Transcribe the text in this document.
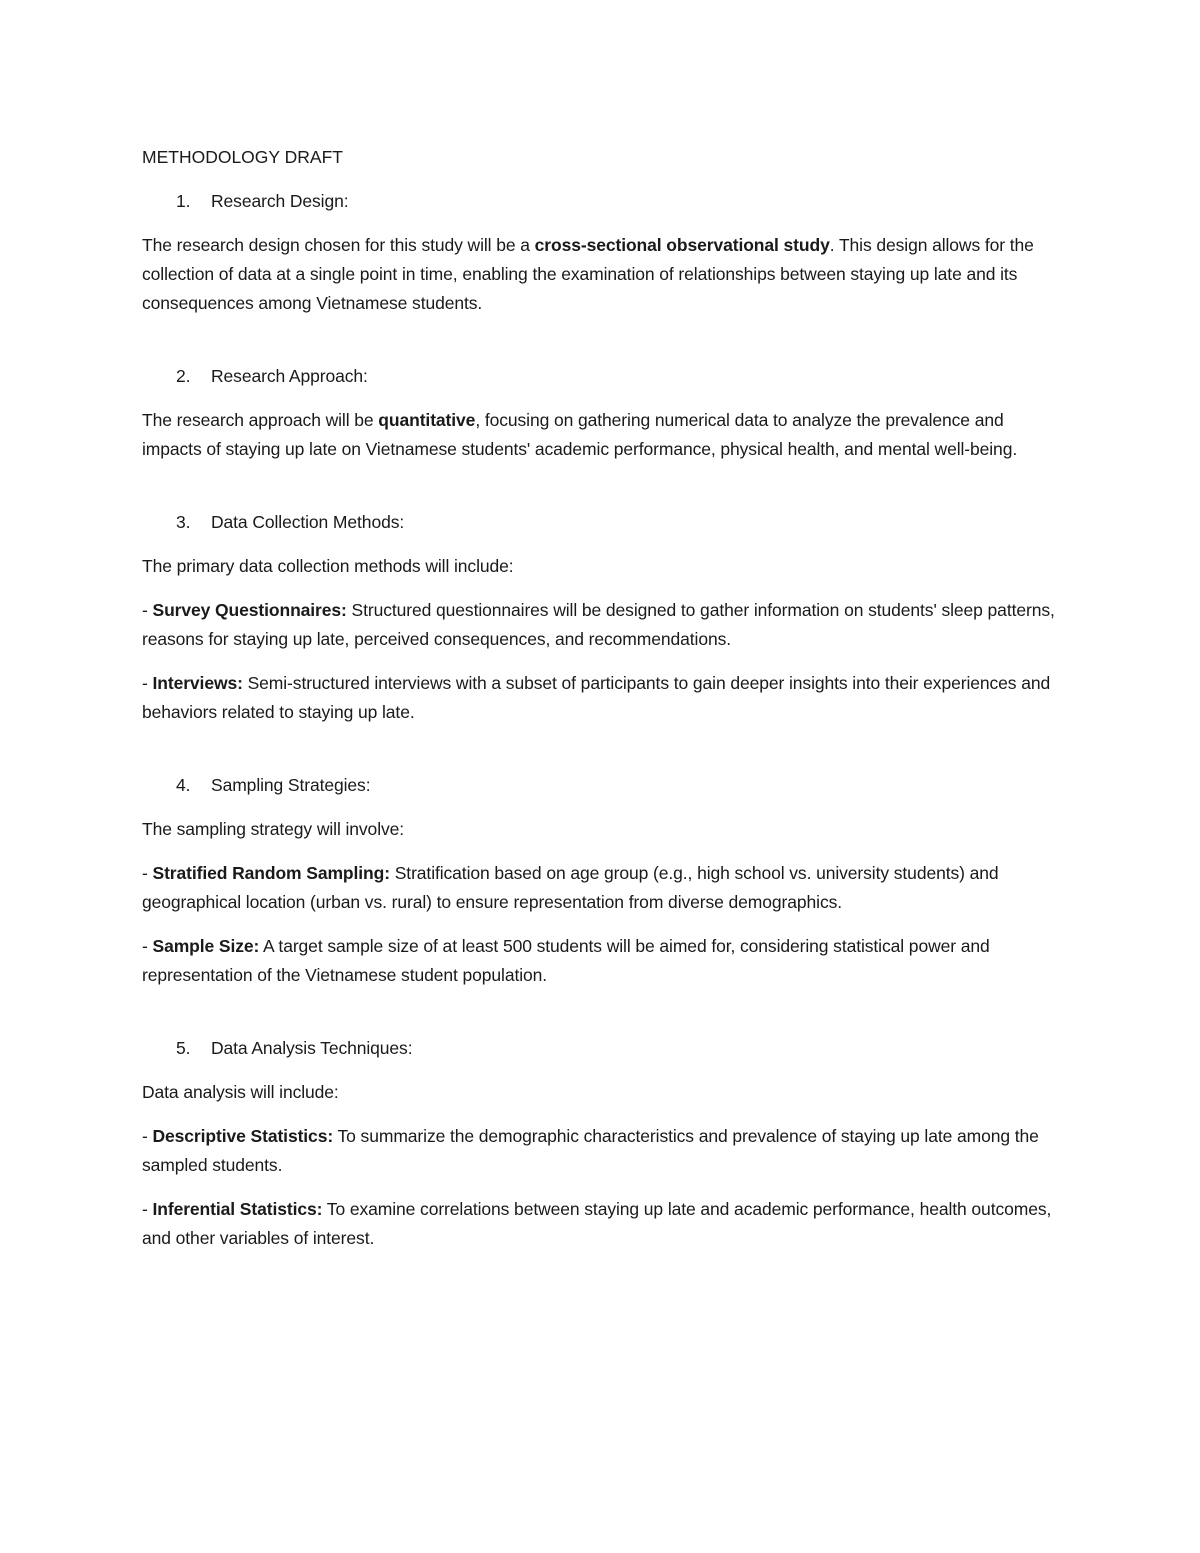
METHODOLOGY DRAFT

1. Research Design:

The research design chosen for this study will be a cross-sectional observational study. This design allows for the collection of data at a single point in time, enabling the examination of relationships between staying up late and its consequences among Vietnamese students.

2. Research Approach:

The research approach will be quantitative, focusing on gathering numerical data to analyze the prevalence and impacts of staying up late on Vietnamese students' academic performance, physical health, and mental well-being.

3. Data Collection Methods:

The primary data collection methods will include:

- Survey Questionnaires: Structured questionnaires will be designed to gather information on students' sleep patterns, reasons for staying up late, perceived consequences, and recommendations.

- Interviews: Semi-structured interviews with a subset of participants to gain deeper insights into their experiences and behaviors related to staying up late.

4. Sampling Strategies:

The sampling strategy will involve:

- Stratified Random Sampling: Stratification based on age group (e.g., high school vs. university students) and geographical location (urban vs. rural) to ensure representation from diverse demographics.

- Sample Size: A target sample size of at least 500 students will be aimed for, considering statistical power and representation of the Vietnamese student population.

5. Data Analysis Techniques:

Data analysis will include:

- Descriptive Statistics: To summarize the demographic characteristics and prevalence of staying up late among the sampled students.

- Inferential Statistics: To examine correlations between staying up late and academic performance, health outcomes, and other variables of interest.
